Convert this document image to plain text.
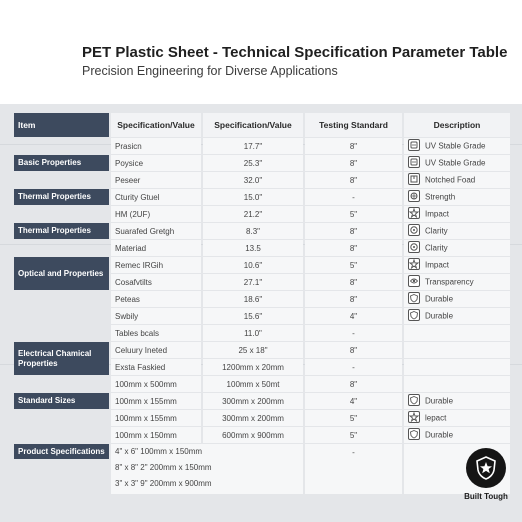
PET Plastic Sheet - Technical Specification Parameter Table
Precision Engineering for Diverse Applications
Item	Specification/Value	Specification/Value	Testing Standard	Description
	Prasicn	17.7"	8"	UV Stable Grade

Basic Properties	Poysice	25.3"	8"	UV Stable Grade
	Peseer	32.0"	8"	Notched Foad

Thermal Properties	Cturity Gtuel	15.0"	-	Strength
	HM (2UF)	21.2"	5"	Impact

Thermal Properties	Suarafed Gretgh	8.3"	8"	Clarity
	Materiad	13.5	8"	Clarity

Optical and Properties	Remec IRGih	10.6"	5"	Impact
	Cosafvtilts	27.1"	8"	Transparency
	Peteas	18.6"	8"	Durable
	Swbily	15.6"	4"	Durable
	Tables bcals	11.0"	-	

Electrical Chamical Properties	Celuury Ineted	25 x 18"	8"	
	Exsta Faskied	1200mm x 20mm	-	
	100mm x 500mm	100mm x 50mt	8"	

Standard Sizes	100mm x 155mm	300mm x 200mm	4"	Durable
	100mm x 155mm	300mm x 200mm	5"	lepact
	100mm x 150mm	600mm x 900mm	5"	Durable

Product Specifications	4" x 6" 100mm x 150mm
8" x 8" 2" 200mm x 150mm
3" x 3" 9" 200mm x 900mm		-	
Built Tough
